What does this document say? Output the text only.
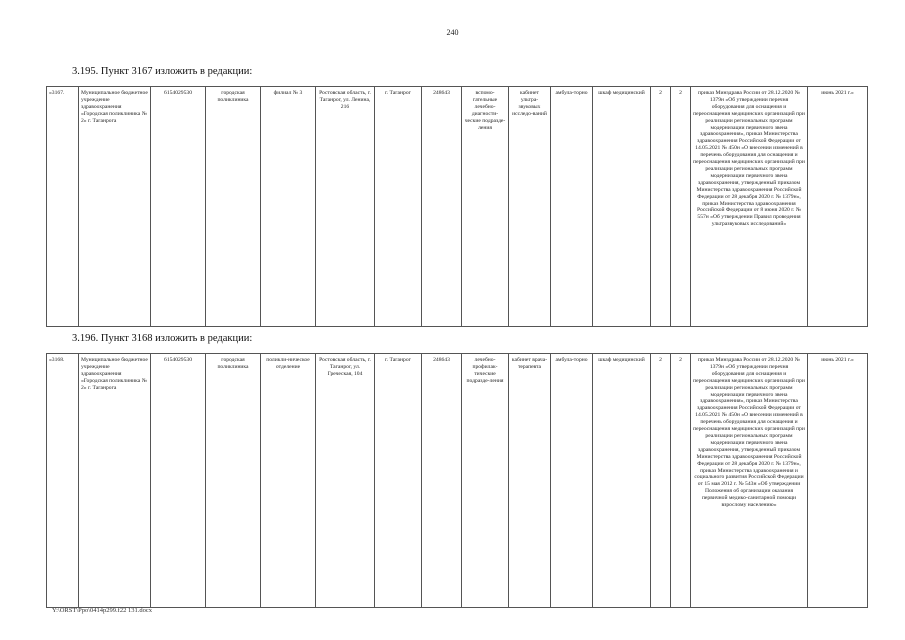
240
3.195. Пункт 3167 изложить в редакции:
«3167.	Муниципальное бюджетное учреждение здравоохранения «Городская поликлиника № 2» г. Таганрога	6154029530	городская поликлиника	филиал № 3	Ростовская область, г. Таганрог, ул. Ленина, 216	г. Таганрог	248643	вспомо-гательные лечебно-диагности-ческие подразде-ления	кабинет ультра-звуковых исследо-ваний	амбула-торно	шкаф медицинский	2	2	приказ Минздрава России от 28.12.2020 № 1379н «Об утверждении перечня оборудования для оснащения и переоснащения медицинских организаций при реализации региональных программ модернизации первичного звена здравоохранения», приказ Министерства здравоохранения Российской Федерации от 14.05.2021 № 450н «О внесении изменений в перечень оборудования для оснащения и переоснащения медицинских организаций при реализации региональных программ модернизации первичного звена здравоохранения, утвержденный приказом Министерства здравоохранения Российской Федерации от 28 декабря 2020 г. № 1379н», приказ Министерства здравоохранения Российской Федерации от 8 июня 2020 г. № 557н «Об утверждении Правил проведения ультразвуковых исследований»	июнь 2021 г.»
3.196. Пункт 3168 изложить в редакции:
«3168.	Муниципальное бюджетное учреждение здравоохранения «Городская поликлиника № 2» г. Таганрога	6154029530	городская поликлиника	поликли-ническое отделение	Ростовская область, г. Таганрог, ул. Греческая, 104	г. Таганрог	248643	лечебно-профилак-тические подразде-ления	кабинет врача-терапевта	амбула-торно	шкаф медицинский	2	2	приказ Минздрава России от 28.12.2020 № 1379н «Об утверждении перечня оборудования для оснащения и переоснащения медицинских организаций при реализации региональных программ модернизации первичного звена здравоохранения», приказ Министерства здравоохранения Российской Федерации от 14.05.2021 № 450н «О внесении изменений в перечень оборудования для оснащения и переоснащения медицинских организаций при реализации региональных программ модернизации первичного звена здравоохранения, утвержденный приказом Министерства здравоохранения Российской Федерации от 28 декабря 2020 г. № 1379н», приказ Министерства здравоохранения и социального развития Российской Федерации от 15 мая 2012 г. № 543н «Об утверждении Положения об организации оказания первичной медико-санитарной помощи взрослому населению»	июнь 2021 г.»
Y:\ORST\Ppo\0414p299.f22 131.docx
